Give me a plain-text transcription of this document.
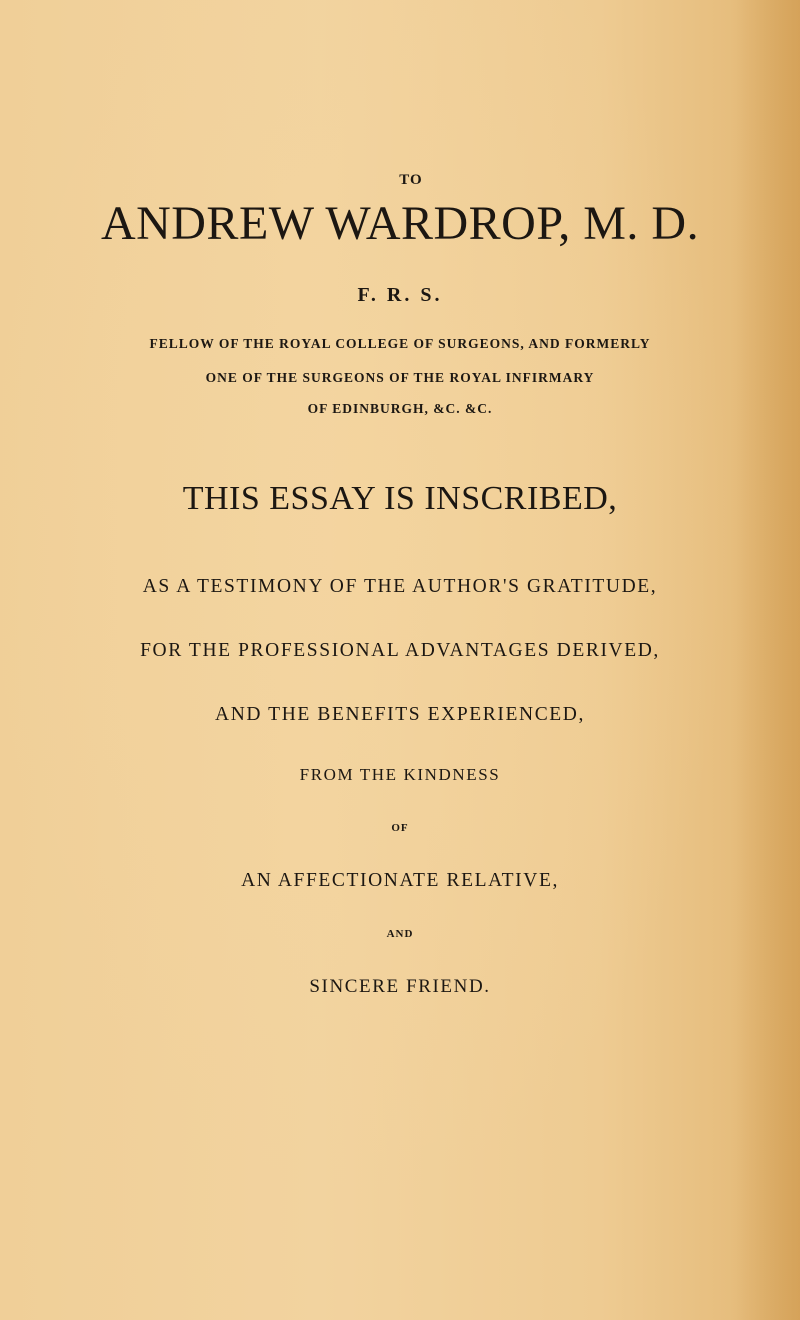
TO

ANDREW WARDROP, M. D.

F. R. S.

FELLOW OF THE ROYAL COLLEGE OF SURGEONS, AND FORMERLY

ONE OF THE SURGEONS OF THE ROYAL INFIRMARY

OF EDINBURGH, &C. &C.

THIS ESSAY IS INSCRIBED,

AS A TESTIMONY OF THE AUTHOR'S GRATITUDE,

FOR THE PROFESSIONAL ADVANTAGES DERIVED,

AND THE BENEFITS EXPERIENCED,

FROM THE KINDNESS

OF

AN AFFECTIONATE RELATIVE,

AND

SINCERE FRIEND.
